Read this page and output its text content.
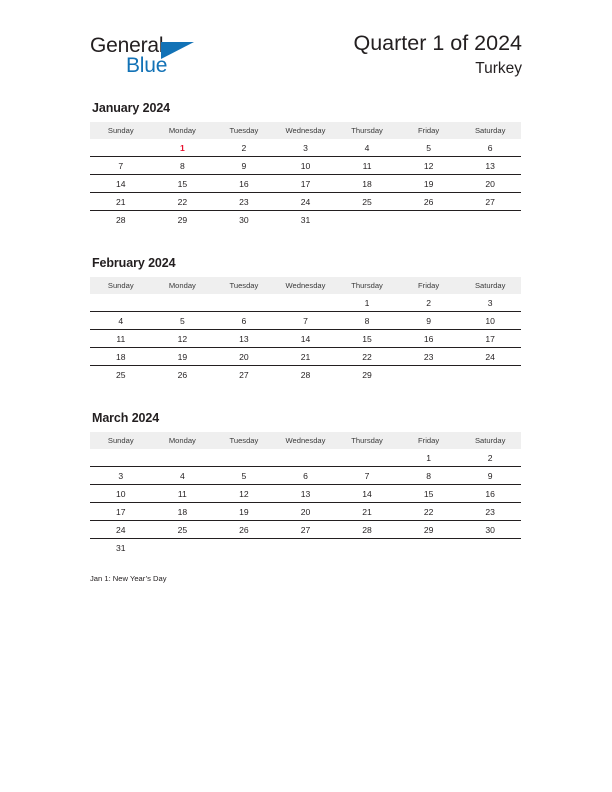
General
Blue
Quarter 1 of 2024
Turkey
January 2024
Sunday	Monday	Tuesday	Wednesday	Thursday	Friday	Saturday
	1	2	3	4	5	6
7	8	9	10	11	12	13
14	15	16	17	18	19	20
21	22	23	24	25	26	27
28	29	30	31			
February 2024
Sunday	Monday	Tuesday	Wednesday	Thursday	Friday	Saturday
				1	2	3
4	5	6	7	8	9	10
11	12	13	14	15	16	17
18	19	20	21	22	23	24
25	26	27	28	29		
March 2024
Sunday	Monday	Tuesday	Wednesday	Thursday	Friday	Saturday
					1	2
3	4	5	6	7	8	9
10	11	12	13	14	15	16
17	18	19	20	21	22	23
24	25	26	27	28	29	30
31						
Jan 1: New Year’s Day
